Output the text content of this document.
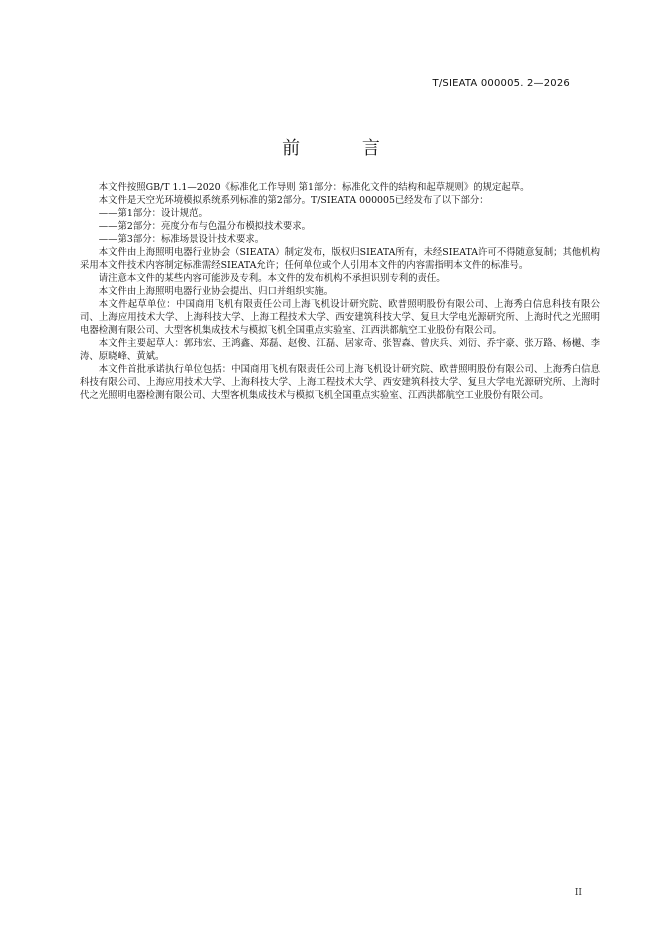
T/SIEATA 000005. 2—2026
前 言

本文件按照GB/T 1.1—2020《标准化工作导则 第1部分：标准化文件的结构和起草规则》的规定起草。

本文件是天空光环境模拟系统系列标准的第2部分。T/SIEATA 000005已经发布了以下部分：

——第1部分：设计规范。

——第2部分：亮度分布与色温分布模拟技术要求。

——第3部分：标准场景设计技术要求。

本文件由上海照明电器行业协会（SIEATA）制定发布，版权归SIEATA所有，未经SIEATA许可不得随意复制；其他机构采用本文件技术内容制定标准需经SIEATA允许；任何单位或个人引用本文件的内容需指明本文件的标准号。

请注意本文件的某些内容可能涉及专利。本文件的发布机构不承担识别专利的责任。

本文件由上海照明电器行业协会提出、归口并组织实施。

本文件起草单位：中国商用飞机有限责任公司上海飞机设计研究院、欧普照明股份有限公司、上海秀白信息科技有限公司、上海应用技术大学、上海科技大学、上海工程技术大学、西安建筑科技大学、复旦大学电光源研究所、上海时代之光照明电器检测有限公司、大型客机集成技术与模拟飞机全国重点实验室、江西洪都航空工业股份有限公司。

本文件主要起草人：郭玮宏、王鸿鑫、郑磊、赵俊、江磊、居家奇、张智森、曾庆兵、刘衍、乔宇豪、张万路、杨樾、李涛、原晓峰、黄斌。

本文件首批承诺执行单位包括：中国商用飞机有限责任公司上海飞机设计研究院、欧普照明股份有限公司、上海秀白信息科技有限公司、上海应用技术大学、上海科技大学、上海工程技术大学、西安建筑科技大学、复旦大学电光源研究所、上海时代之光照明电器检测有限公司、大型客机集成技术与模拟飞机全国重点实验室、江西洪都航空工业股份有限公司。

II
